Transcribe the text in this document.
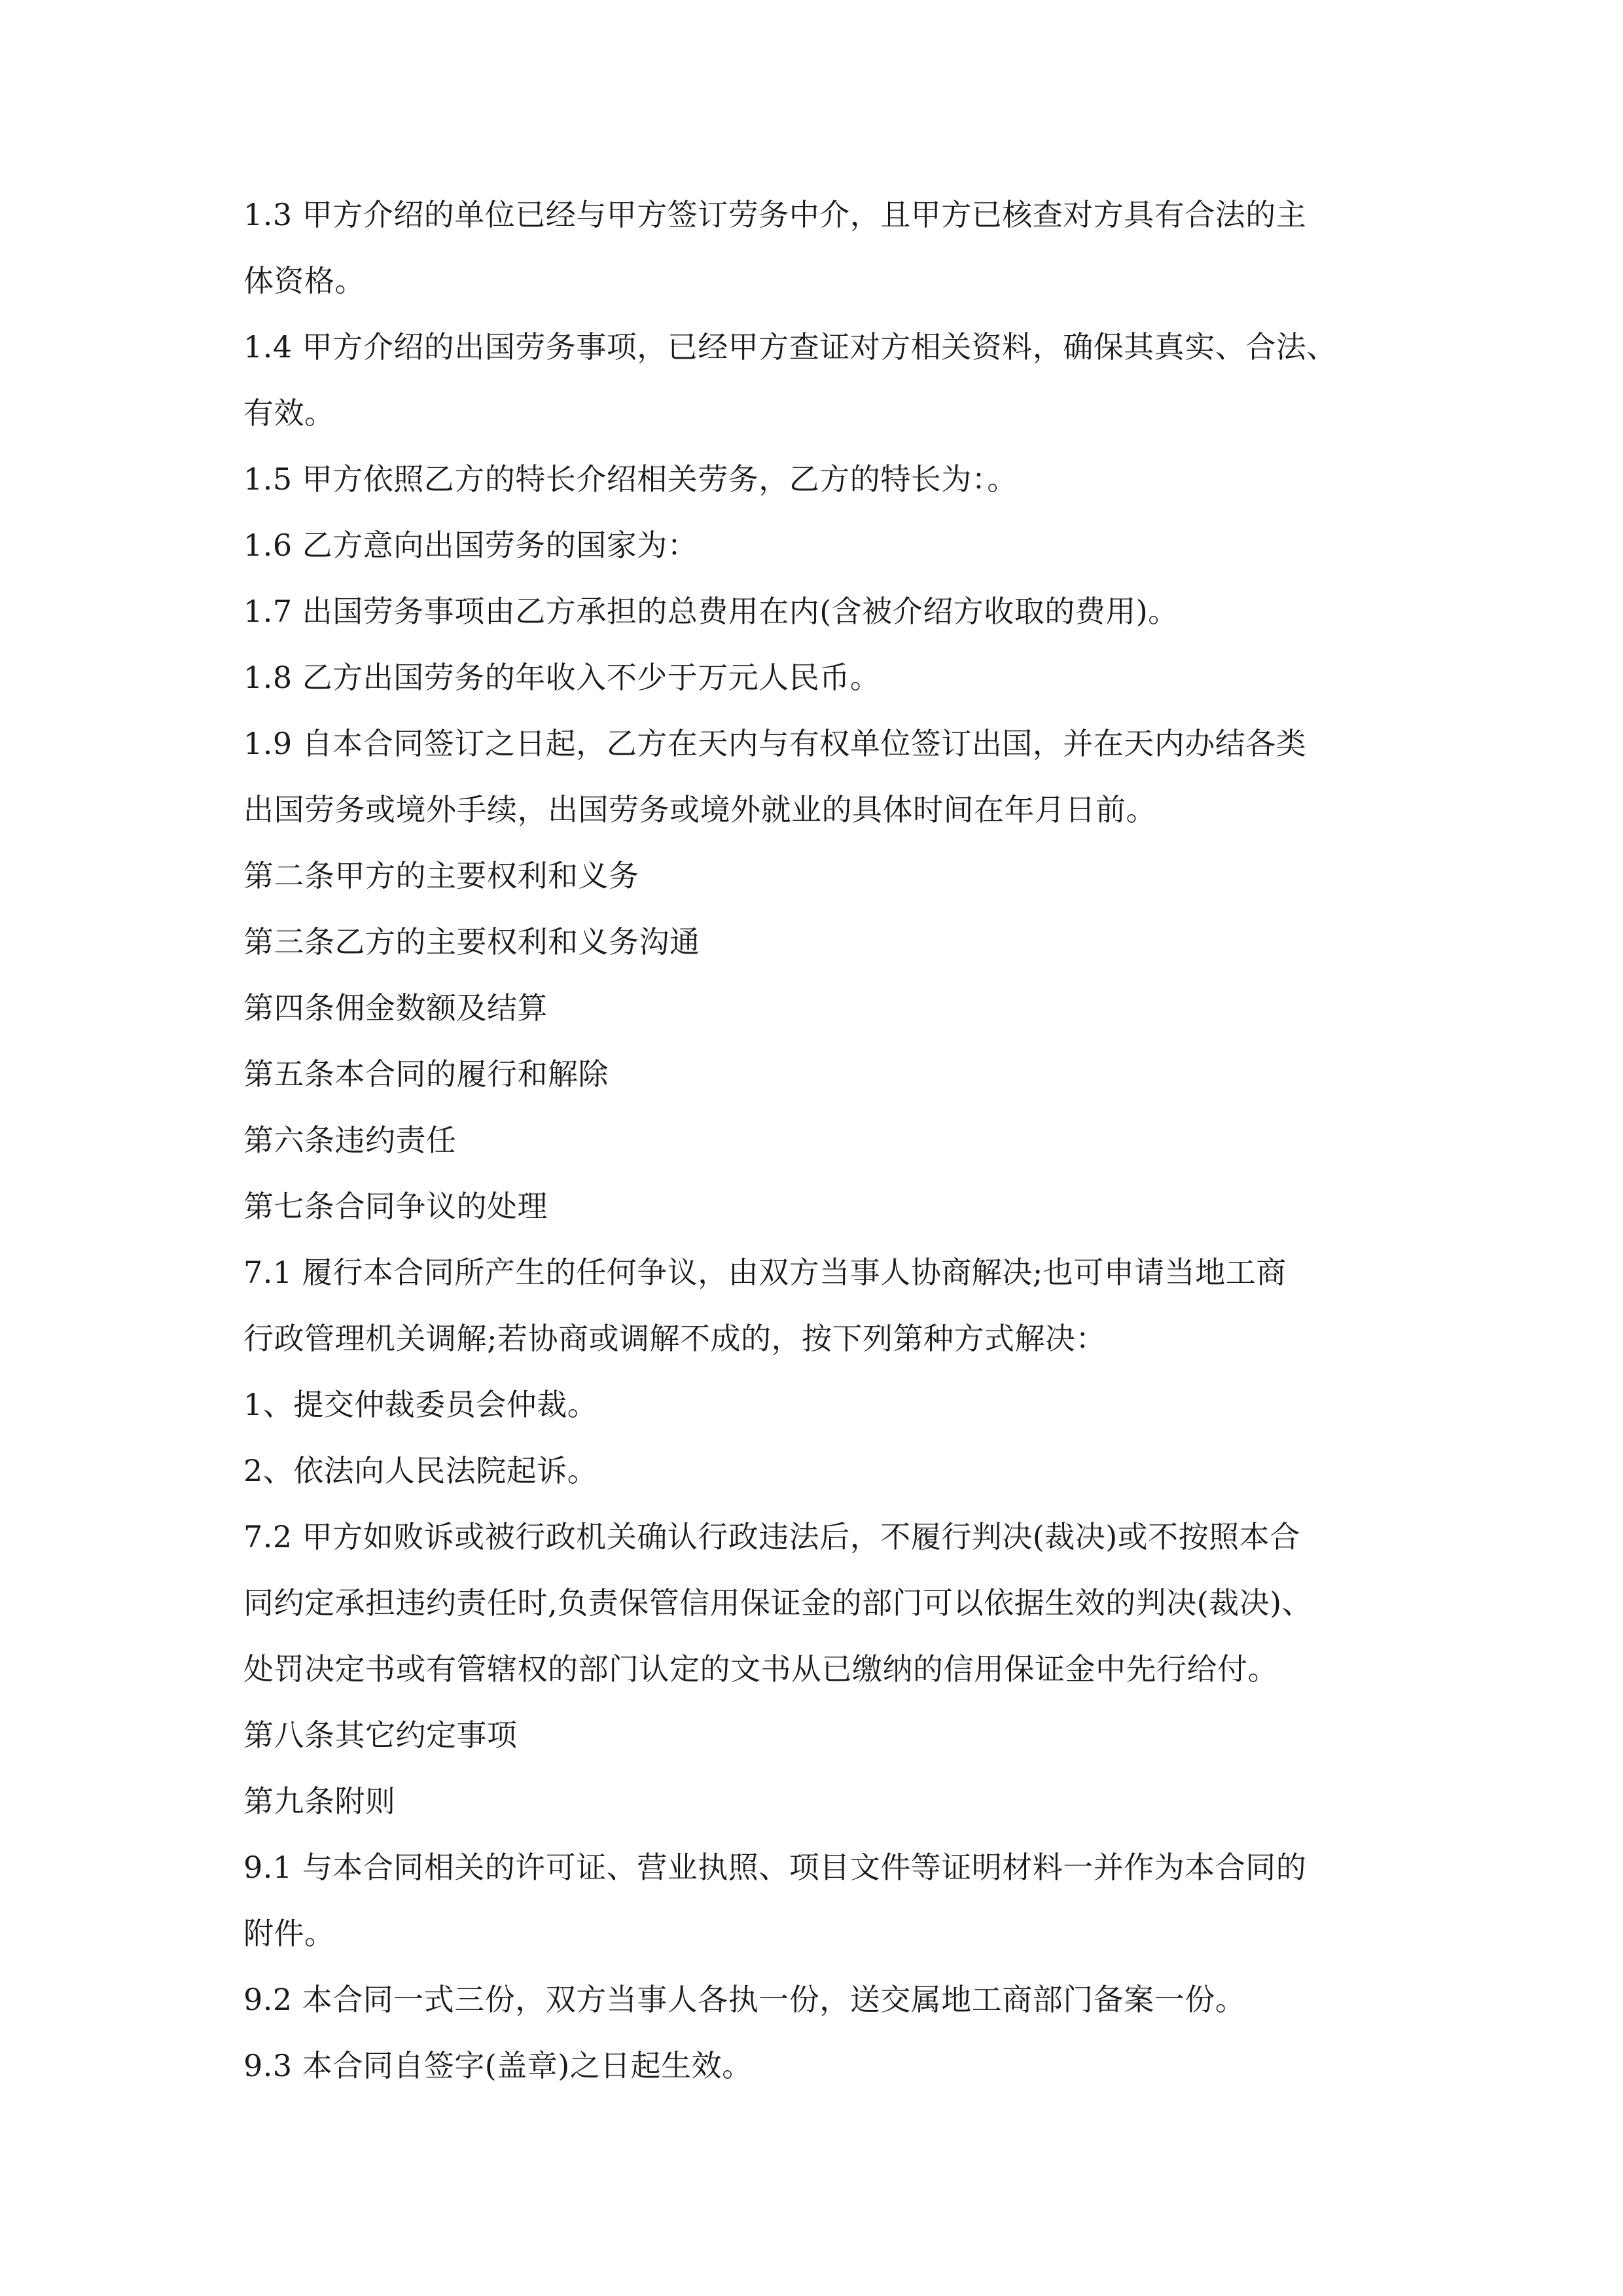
1.3 甲方介绍的单位已经与甲方签订劳务中介，且甲方已核查对方具有合法的主
体资格。
1.4 甲方介绍的出国劳务事项，已经甲方查证对方相关资料，确保其真实、合法、
有效。
1.5 甲方依照乙方的特长介绍相关劳务，乙方的特长为：。
1.6 乙方意向出国劳务的国家为：
1.7 出国劳务事项由乙方承担的总费用在内(含被介绍方收取的费用)。
1.8 乙方出国劳务的年收入不少于万元人民币。
1.9 自本合同签订之日起，乙方在天内与有权单位签订出国，并在天内办结各类
出国劳务或境外手续，出国劳务或境外就业的具体时间在年月日前。
第二条甲方的主要权利和义务
第三条乙方的主要权利和义务沟通
第四条佣金数额及结算
第五条本合同的履行和解除
第六条违约责任
第七条合同争议的处理
7.1 履行本合同所产生的任何争议，由双方当事人协商解决;也可申请当地工商
行政管理机关调解;若协商或调解不成的，按下列第种方式解决：
1、提交仲裁委员会仲裁。
2、依法向人民法院起诉。
7.2 甲方如败诉或被行政机关确认行政违法后，不履行判决(裁决)或不按照本合
同约定承担违约责任时,负责保管信用保证金的部门可以依据生效的判决(裁决)、
处罚决定书或有管辖权的部门认定的文书从已缴纳的信用保证金中先行给付。
第八条其它约定事项
第九条附则
9.1 与本合同相关的许可证、营业执照、项目文件等证明材料一并作为本合同的
附件。
9.2 本合同一式三份，双方当事人各执一份，送交属地工商部门备案一份。
9.3 本合同自签字(盖章)之日起生效。
